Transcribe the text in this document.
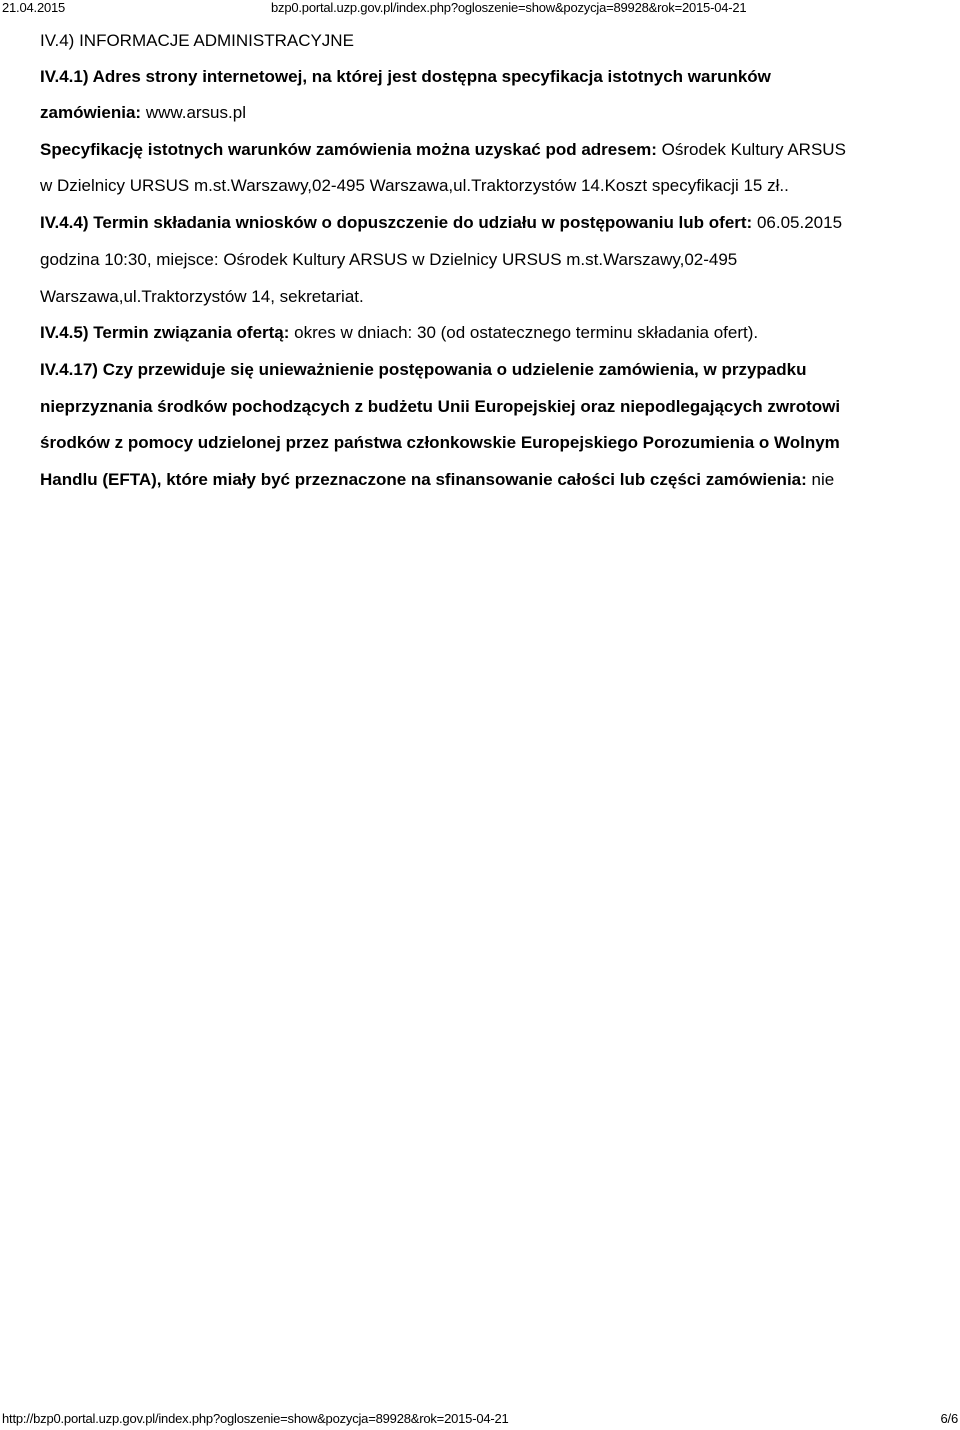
21.04.2015	bzp0.portal.uzp.gov.pl/index.php?ogloszenie=show&pozycja=89928&rok=2015-04-21
IV.4) INFORMACJE ADMINISTRACYJNE
IV.4.1) Adres strony internetowej, na której jest dostępna specyfikacja istotnych warunków
zamówienia: www.arsus.pl
Specyfikację istotnych warunków zamówienia można uzyskać pod adresem: Ośrodek Kultury ARSUS
w Dzielnicy URSUS m.st.Warszawy,02-495 Warszawa,ul.Traktorzystów 14.Koszt specyfikacji 15 zł..
IV.4.4) Termin składania wniosków o dopuszczenie do udziału w postępowaniu lub ofert: 06.05.2015
godzina 10:30, miejsce: Ośrodek Kultury ARSUS w Dzielnicy URSUS m.st.Warszawy,02-495
Warszawa,ul.Traktorzystów 14, sekretariat.
IV.4.5) Termin związania ofertą: okres w dniach: 30 (od ostatecznego terminu składania ofert).
IV.4.17) Czy przewiduje się unieważnienie postępowania o udzielenie zamówienia, w przypadku
nieprzyznania środków pochodzących z budżetu Unii Europejskiej oraz niepodlegających zwrotowi
środków z pomocy udzielonej przez państwa członkowskie Europejskiego Porozumienia o Wolnym
Handlu (EFTA), które miały być przeznaczone na sfinansowanie całości lub części zamówienia: nie
http://bzp0.portal.uzp.gov.pl/index.php?ogloszenie=show&pozycja=89928&rok=2015-04-21	6/6
